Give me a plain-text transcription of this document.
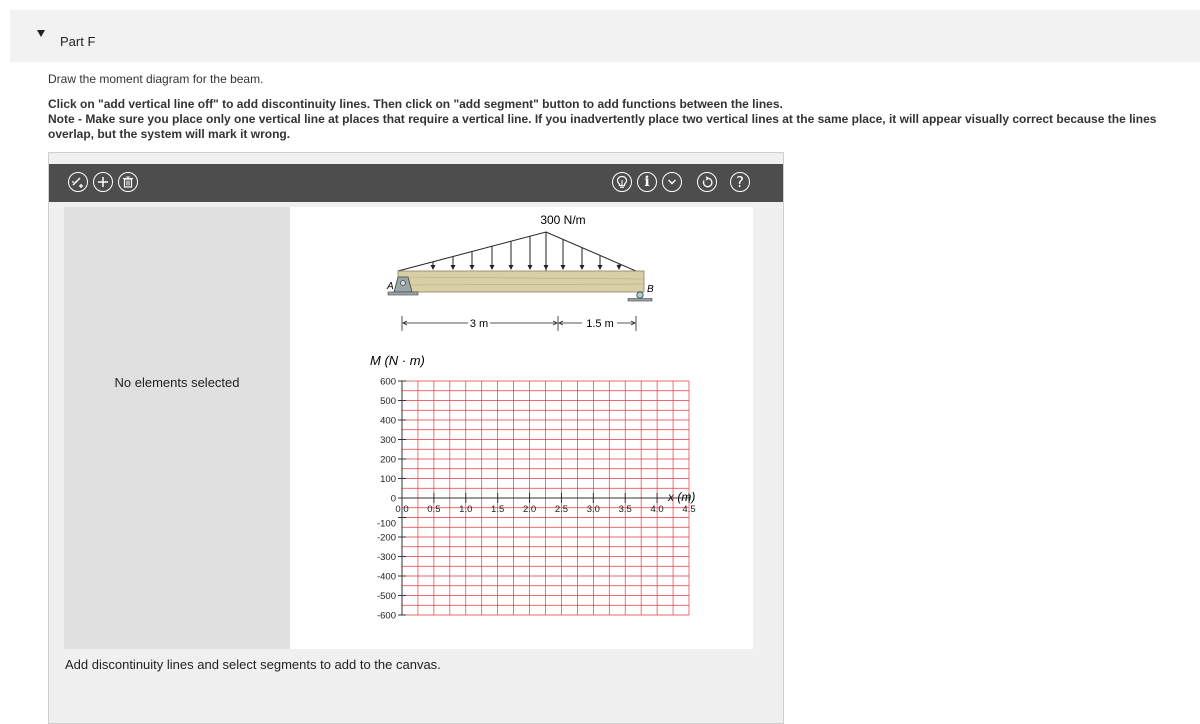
Part F
Draw the moment diagram for the beam.

Click on "add vertical line off" to add discontinuity lines. Then click on "add segment" button to add functions between the lines.

Note - Make sure you place only one vertical line at places that require a vertical line. If you inadvertently place two vertical lines at the same place, it will appear visually correct because the lines overlap, but the system will mark it wrong.

i	?
No elements selected
300 N/m
A	B
3 m	1.5 m
M (N · m)
x (m)
600
500
400
300
200
100
0
-100
-200
-300
-400
-500
-600
0.0 0.5 1.0 1.5 2.0 2.5 3.0 3.5 4.0 4.5
Add discontinuity lines and select segments to add to the canvas.
